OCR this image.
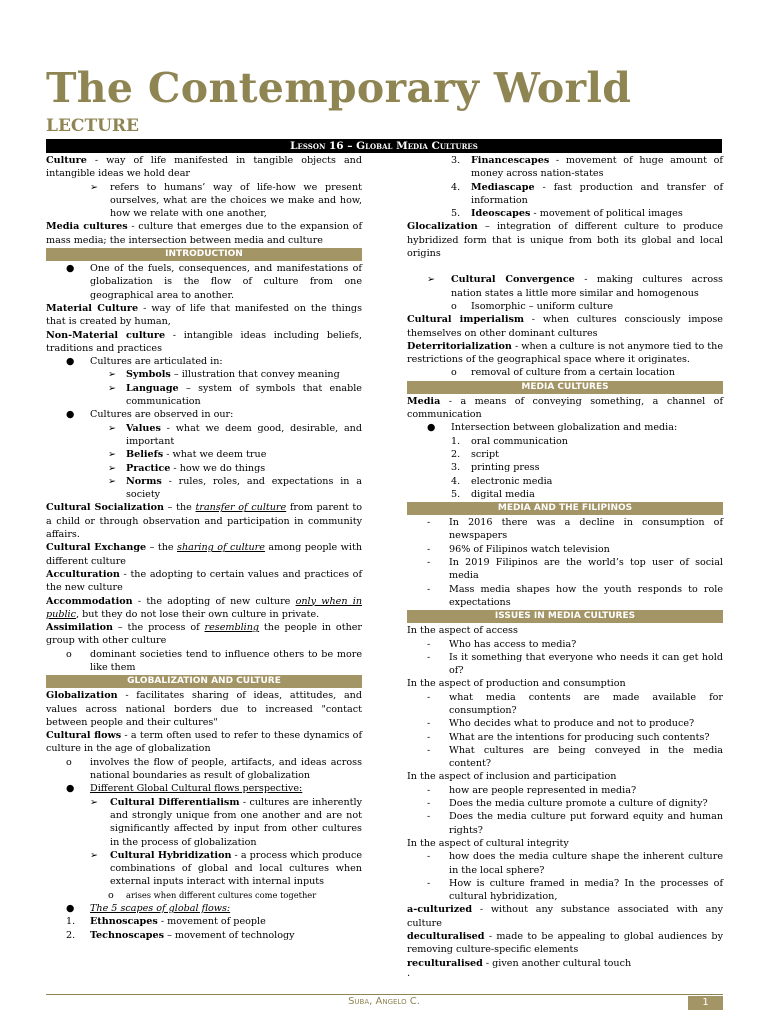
The Contemporary World
LECTURE
Lesson 16 – Global Media Cultures

Culture - way of life manifested in tangible objects and intangible ideas we hold dear

➢	refers to humans’ way of life-how we present ourselves, what are the choices we make and how, how we relate with one another,

Media cultures - culture that emerges due to the expansion of mass media; the intersection between media and culture

INTRODUCTION
●	One of the fuels, consequences, and manifestations of globalization is the flow of culture from one geographical area to another.

Material Culture - way of life that manifested on the things that is created by human,

Non-Material culture - intangible ideas including beliefs, traditions and practices

●	Cultures are articulated in:
➢	Symbols – illustration that convey meaning
➢	Language – system of symbols that enable communication
●	Cultures are observed in our:
➢	Values - what we deem good, desirable, and important
➢	Beliefs - what we deem true
➢	Practice - how we do things
➢	Norms - rules, roles, and expectations in a society

Cultural Socialization – the transfer of culture from parent to a child or through observation and participation in community affairs.

Cultural Exchange – the sharing of culture among people with different culture

Acculturation - the adopting to certain values and practices of the new culture

Accommodation - the adopting of new culture only when in public, but they do not lose their own culture in private.

Assimilation – the process of resembling the people in other group with other culture

o	dominant societies tend to influence others to be more like them
GLOBALIZATION AND CULTURE

Globalization - facilitates sharing of ideas, attitudes, and values across national borders due to increased "contact between people and their cultures"

Cultural flows - a term often used to refer to these dynamics of culture in the age of globalization

o	involves the flow of people, artifacts, and ideas across national boundaries as result of globalization
●	Different Global Cultural flows perspective:
➢	Cultural Differentialism - cultures are inherently and strongly unique from one another and are not significantly affected by input from other cultures in the process of globalization
➢	Cultural Hybridization - a process which produce combinations of global and local cultures when external inputs interact with internal inputs
o	arises when different cultures come together
●	The 5 scapes of global flows:
1.	Ethnoscapes - movement of people
2.	Technoscapes – movement of technology
3.	Financescapes - movement of huge amount of money across nation-states
4.	Mediascape - fast production and transfer of information
5.	Ideoscapes - movement of political images

Glocalization – integration of different culture to produce hybridized form that is unique from both its global and local origins

➢	Cultural Convergence - making cultures across nation states a little more similar and homogenous
o	Isomorphic – uniform culture

Cultural imperialism - when cultures consciously impose themselves on other dominant cultures

Deterritorialization - when a culture is not anymore tied to the restrictions of the geographical space where it originates.

o	removal of culture from a certain location
MEDIA CULTURES

Media - a means of conveying something, a channel of communication

●	Intersection between globalization and media:
1.	oral communication
2.	script
3.	printing press
4.	electronic media
5.	digital media
MEDIA AND THE FILIPINOS
-	In 2016 there was a decline in consumption of newspapers
-	96% of Filipinos watch television
-	In 2019 Filipinos are the world’s top user of social media
-	Mass media shapes how the youth responds to role expectations
ISSUES IN MEDIA CULTURES

In the aspect of access

-	Who has access to media?
-	Is it something that everyone who needs it can get hold of?

In the aspect of production and consumption

-	what media contents are made available for consumption?
-	Who decides what to produce and not to produce?
-	What are the intentions for producing such contents?
-	What cultures are being conveyed in the media content?

In the aspect of inclusion and participation

-	how are people represented in media?
-	Does the media culture promote a culture of dignity?
-	Does the media culture put forward equity and human rights?

In the aspect of cultural integrity

-	how does the media culture shape the inherent culture in the local sphere?
-	How is culture framed in media? In the processes of cultural hybridization,

a-culturized - without any substance associated with any culture

deculturalised - made to be appealing to global audiences by removing culture-specific elements

reculturalised - given another cultural touch

.
Suba, Angelo C.	1
